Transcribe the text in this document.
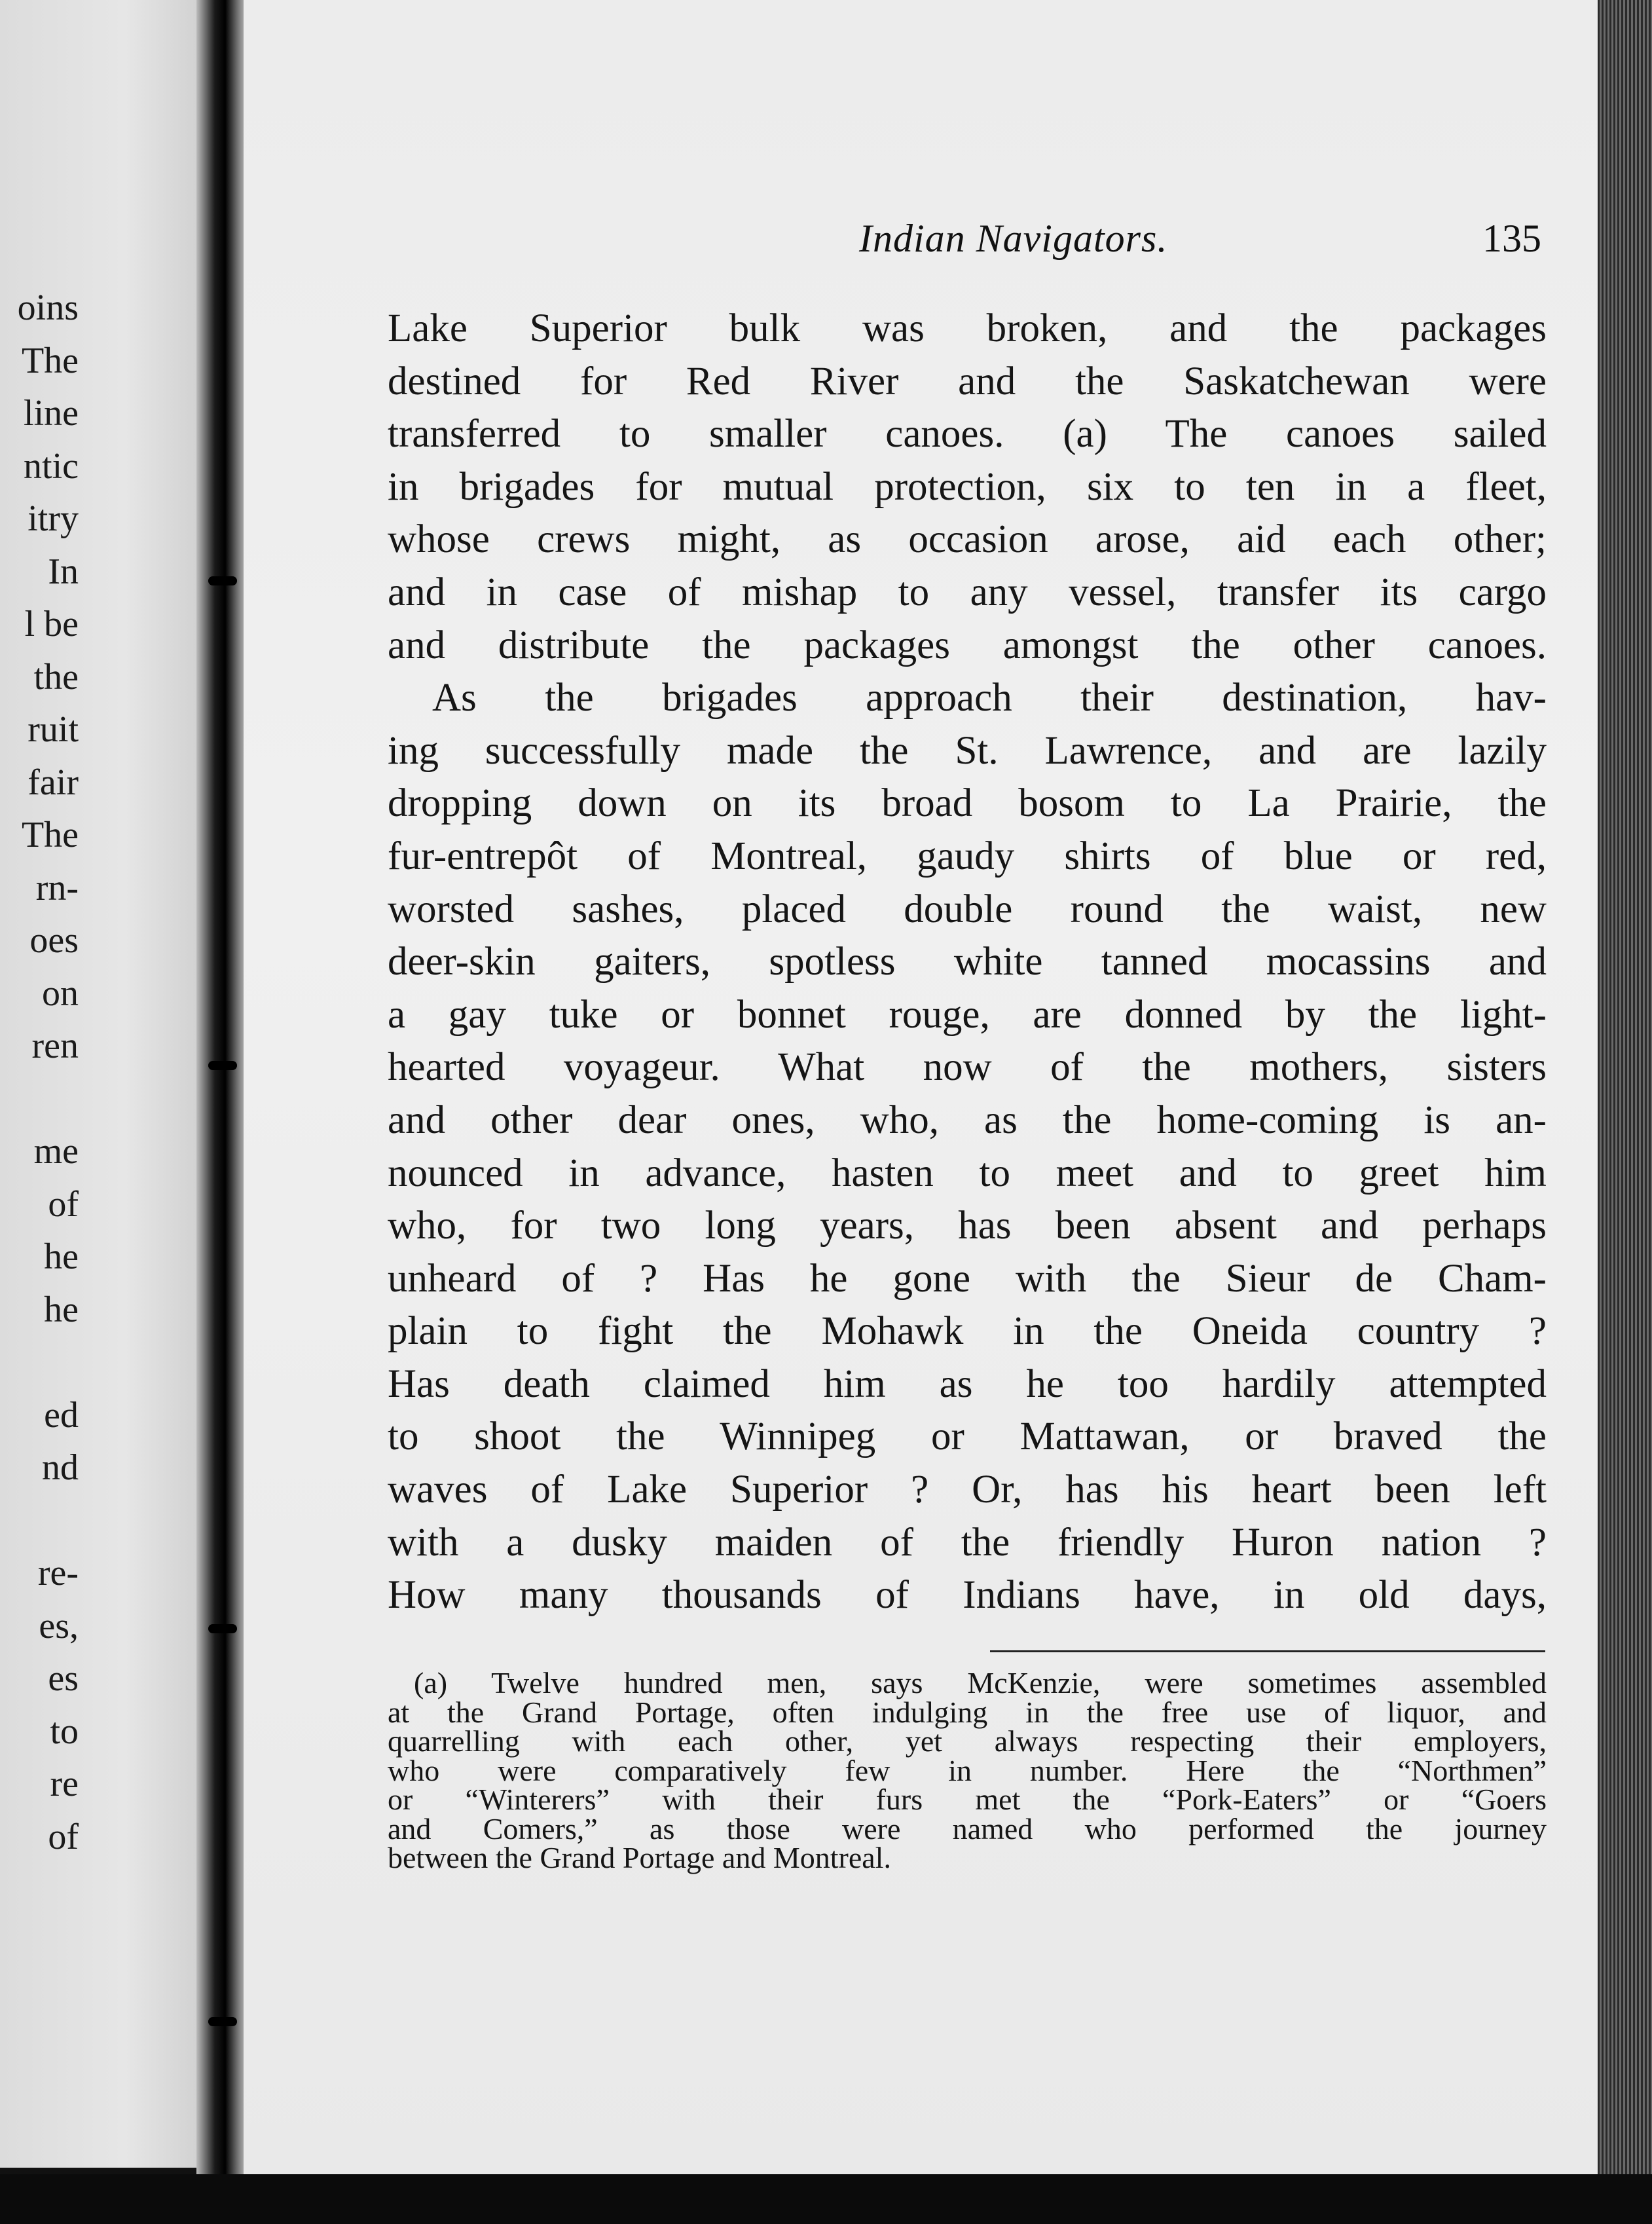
oins
The
line
ntic
itry
In
l be
the
ruit
fair
The
rn-
oes
on
ren
me
of
he
he
ed
nd
re-
es,
es
to
re
of
Indian Navigators.	135
Lake Superior bulk was broken, and the packages
destined for Red River and the Saskatchewan were
transferred to smaller canoes. (a) The canoes sailed
in brigades for mutual protection, six to ten in a fleet,
whose crews might, as occasion arose, aid each other;
and in case of mishap to any vessel, transfer its cargo
and distribute the packages amongst the other canoes.
As the brigades approach their destination, hav-
ing successfully made the St. Lawrence, and are lazily
dropping down on its broad bosom to La Prairie, the
fur-entrepôt of Montreal, gaudy shirts of blue or red,
worsted sashes, placed double round the waist, new
deer-skin gaiters, spotless white tanned mocassins and
a gay tuke or bonnet rouge, are donned by the light-
hearted voyageur. What now of the mothers, sisters
and other dear ones, who, as the home-coming is an-
nounced in advance, hasten to meet and to greet him
who, for two long years, has been absent and perhaps
unheard of ? Has he gone with the Sieur de Cham-
plain to fight the Mohawk in the Oneida country ?
Has death claimed him as he too hardily attempted
to shoot the Winnipeg or Mattawan, or braved the
waves of Lake Superior ? Or, has his heart been left
with a dusky maiden of the friendly Huron nation ?
How many thousands of Indians have, in old days,
(a) Twelve hundred men, says McKenzie, were sometimes assembled
at the Grand Portage, often indulging in the free use of liquor, and
quarrelling with each other, yet always respecting their employers,
who were comparatively few in number. Here the “Northmen”
or “Winterers” with their furs met the “Pork-Eaters” or “Goers
and Comers,” as those were named who performed the journey
between the Grand Portage and Montreal.
